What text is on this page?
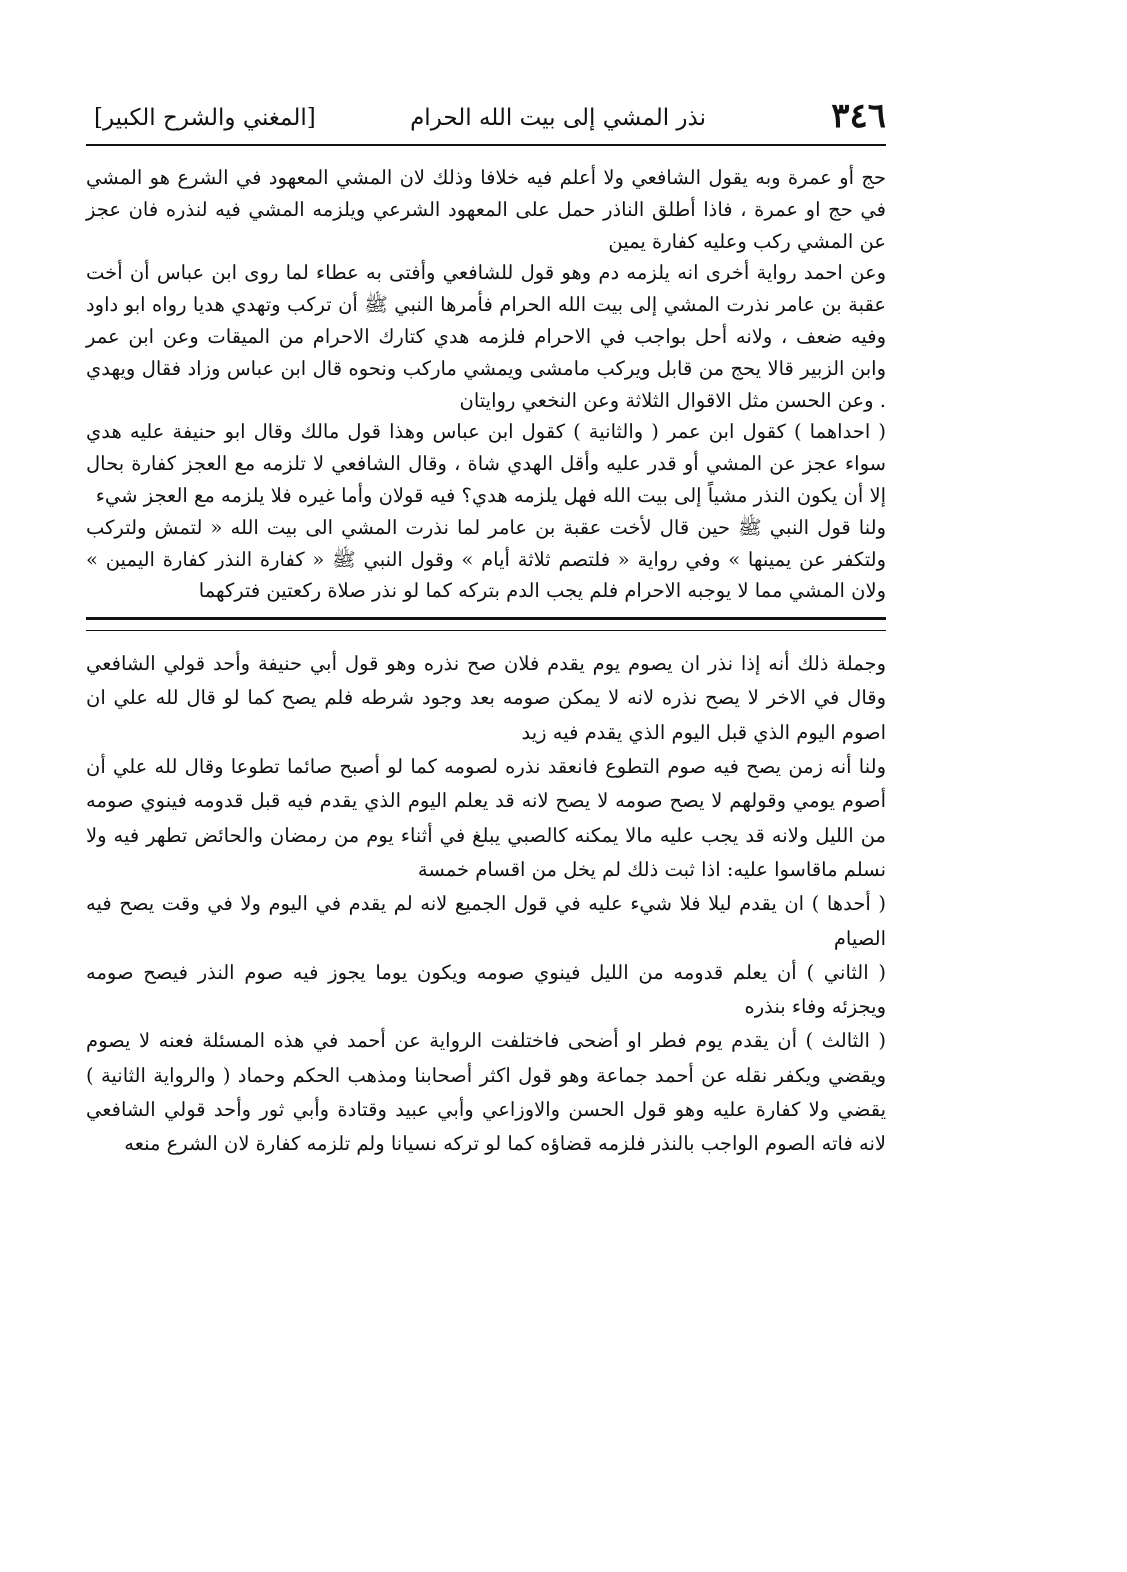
٣٤٦
نذر المشي إلى بيت الله الحرام
[المغني والشرح الكبير]

حج أو عمرة وبه يقول الشافعي ولا أعلم فيه خلافا وذلك لان المشي المعهود في الشرع هو المشي في حج او عمرة ، فاذا أطلق الناذر حمل على المعهود الشرعي ويلزمه المشي فيه لنذره فان عجز عن المشي ركب وعليه كفارة يمين

وعن احمد رواية أخرى انه يلزمه دم وهو قول للشافعي وأفتى به عطاء لما روى ابن عباس أن أخت عقبة بن عامر نذرت المشي إلى بيت الله الحرام فأمرها النبي ﷺ أن تركب وتهدي هديا رواه ابو داود وفيه ضعف ، ولانه أحل بواجب في الاحرام فلزمه هدي كتارك الاحرام من الميقات وعن ابن عمر وابن الزبير قالا يحج من قابل ويركب مامشى ويمشي ماركب ونحوه قال ابن عباس وزاد فقال ويهدي . وعن الحسن مثل الاقوال الثلاثة وعن النخعي روايتان

( احداهما ) كقول ابن عمر ( والثانية ) كقول ابن عباس وهذا قول مالك وقال ابو حنيفة عليه هدي سواء عجز عن المشي أو قدر عليه وأقل الهدي شاة ، وقال الشافعي لا تلزمه مع العجز كفارة بحال إلا أن يكون النذر مشياً إلى بيت الله فهل يلزمه هدي؟ فيه قولان وأما غيره فلا يلزمه مع العجز شيء

ولنا قول النبي ﷺ حين قال لأخت عقبة بن عامر لما نذرت المشي الى بيت الله « لتمش ولتركب ولتكفر عن يمينها » وفي رواية « فلتصم ثلاثة أيام » وقول النبي ﷺ « كفارة النذر كفارة اليمين » ولان المشي مما لا يوجبه الاحرام فلم يجب الدم بتركه كما لو نذر صلاة ركعتين فتركهما

وجملة ذلك أنه إذا نذر ان يصوم يوم يقدم فلان صح نذره وهو قول أبي حنيفة وأحد قولي الشافعي وقال في الاخر لا يصح نذره لانه لا يمكن صومه بعد وجود شرطه فلم يصح كما لو قال لله علي ان اصوم اليوم الذي قبل اليوم الذي يقدم فيه زيد

ولنا أنه زمن يصح فيه صوم التطوع فانعقد نذره لصومه كما لو أصبح صائما تطوعا وقال لله علي أن أصوم يومي وقولهم لا يصح صومه لا يصح لانه قد يعلم اليوم الذي يقدم فيه قبل قدومه فينوي صومه من الليل ولانه قد يجب عليه مالا يمكنه كالصبي يبلغ في أثناء يوم من رمضان والحائض تطهر فيه ولا نسلم ماقاسوا عليه: اذا ثبت ذلك لم يخل من اقسام خمسة

( أحدها ) ان يقدم ليلا فلا شيء عليه في قول الجميع لانه لم يقدم في اليوم ولا في وقت يصح فيه الصيام

( الثاني ) أن يعلم قدومه من الليل فينوي صومه ويكون يوما يجوز فيه صوم النذر فيصح صومه ويجزئه وفاء بنذره

( الثالث ) أن يقدم يوم فطر او أضحى فاختلفت الرواية عن أحمد في هذه المسئلة فعنه لا يصوم ويقضي ويكفر نقله عن أحمد جماعة وهو قول اكثر أصحابنا ومذهب الحكم وحماد ( والرواية الثانية ) يقضي ولا كفارة عليه وهو قول الحسن والاوزاعي وأبي عبيد وقتادة وأبي ثور وأحد قولي الشافعي لانه فاته الصوم الواجب بالنذر فلزمه قضاؤه كما لو تركه نسيانا ولم تلزمه كفارة لان الشرع منعه
